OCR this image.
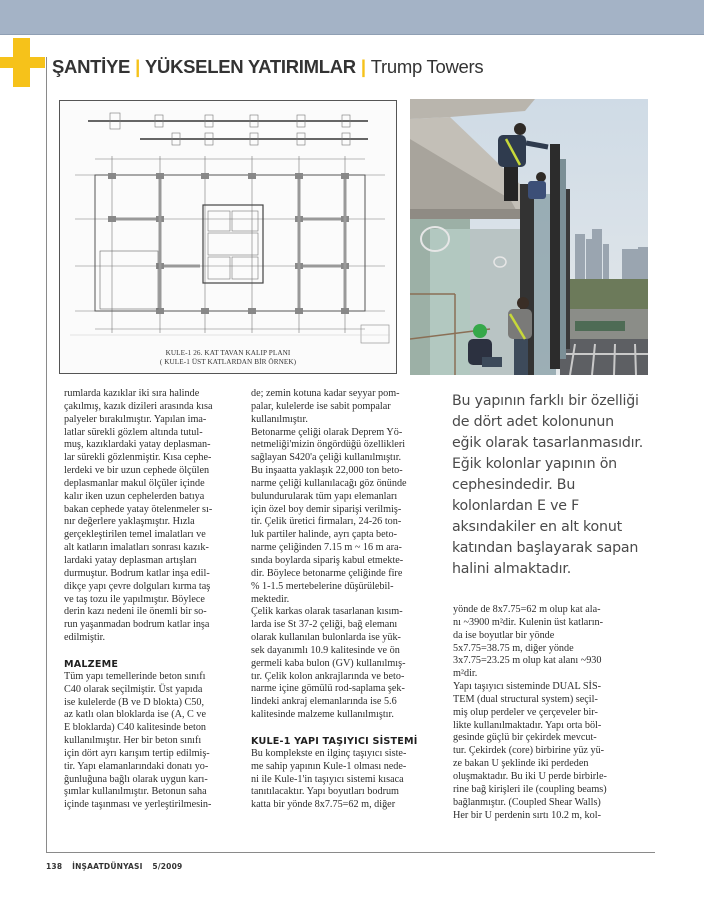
ŞANTİYE | YÜKSELEN YATIRIMLAR | Trump Towers
KULE-1 26. KAT TAVAN KALIP PLANI
( KULE-1 ÜST KATLARDAN BİR ÖRNEK)

rumlarda kazıklar iki sıra halinde

çakılmış, kazık dizileri arasında kısa

palyeler bırakılmıştır. Yapılan ima-

latlar sürekli gözlem altında tutul-

muş, kazıklardaki yatay deplasman-

lar sürekli gözlenmiştir. Kısa cephe-

lerdeki ve bir uzun cephede ölçülen

deplasmanlar makul ölçüler içinde

kalır iken uzun cephelerden batıya

bakan cephede yatay ötelenmeler sı-

nır değerlere yaklaşmıştır. Hızla

gerçekleştirilen temel imalatları ve

alt katların imalatları sonrası kazık-

lardaki yatay deplasman artışları

durmuştur. Bodrum katlar inşa edil-

dikçe yapı çevre dolguları kırma taş

ve taş tozu ile yapılmıştır. Böylece

derin kazı nedeni ile önemli bir so-

run yaşanmadan bodrum katlar inşa

edilmiştir.

MALZEME

Tüm yapı temellerinde beton sınıfı

C40 olarak seçilmiştir. Üst yapıda

ise kulelerde (B ve D blokta) C50,

az katlı olan bloklarda ise (A, C ve

E bloklarda) C40 kalitesinde beton

kullanılmıştır. Her bir beton sınıfı

için dört ayrı karışım tertip edilmiş-

tir. Yapı elamanlarındaki donatı yo-

ğunluğuna bağlı olarak uygun karı-

şımlar kullanılmıştır. Betonun saha

içinde taşınması ve yerleştirilmesin-

de; zemin kotuna kadar seyyar pom-

palar, kulelerde ise sabit pompalar

kullanılmıştır.

Betonarme çeliği olarak Deprem Yö-

netmeliği'mizin öngördüğü özellikleri

sağlayan S420'a çeliği kullanılmıştır.

Bu inşaatta yaklaşık 22,000 ton beto-

narme çeliği kullanılacağı göz önünde

bulundurularak tüm yapı elemanları

için özel boy demir siparişi verilmiş-

tir. Çelik üretici firmaları, 24-26 ton-

luk partiler halinde, ayrı çapta beto-

narme çeliğinden 7.15 m ~ 16 m ara-

sında boylarda sipariş kabul etmekte-

dir. Böylece betonarme çeliğinde fire

% 1-1.5 mertebelerine düşürülebil-

mektedir.

Çelik karkas olarak tasarlanan kısım-

larda ise St 37-2 çeliği, bağ elemanı

olarak kullanılan bulonlarda ise yük-

sek dayanımlı 10.9 kalitesinde ve ön

germeli kaba bulon (GV) kullanılmış-

tır. Çelik kolon ankrajlarında ve beto-

narme içine gömülü rod-saplama şek-

lindeki ankraj elemanlarında ise 5.6

kalitesinde malzeme kullanılmıştır.

KULE-1 YAPI TAŞIYICI SİSTEMİ

Bu komplekste en ilginç taşıyıcı siste-

me sahip yapının Kule-1 olması nede-

ni ile Kule-1'in taşıyıcı sistemi kısaca

tanıtılacaktır. Yapı boyutları bodrum

katta bir yönde 8x7.75=62 m, diğer

Bu yapının farklı bir özelliği

de dört adet kolonunun

eğik olarak tasarlanmasıdır.

Eğik kolonlar yapının ön

cephesindedir. Bu

kolonlardan E ve F

aksındakiler en alt konut

katından başlayarak sapan

halini almaktadır.

yönde de 8x7.75=62 m olup kat ala-

nı ~3900 m²dir. Kulenin üst katların-

da ise boyutlar bir yönde

5x7.75=38.75 m, diğer yönde

3x7.75=23.25 m olup kat alanı ~930

m²dir.

Yapı taşıyıcı sisteminde DUAL SİS-

TEM (dual structural system) seçil-

miş olup perdeler ve çerçeveler bir-

likte kullanılmaktadır. Yapı orta böl-

gesinde güçlü bir çekirdek mevcut-

tur. Çekirdek (core) birbirine yüz yü-

ze bakan U şeklinde iki perdeden

oluşmaktadır. Bu iki U perde birbirle-

rine bağ kirişleri ile (coupling beams)

bağlanmıştır. (Coupled Shear Walls)

Her bir U perdenin sırtı 10.2 m, kol-

138 İNŞAATDÜNYASI 5/2009
